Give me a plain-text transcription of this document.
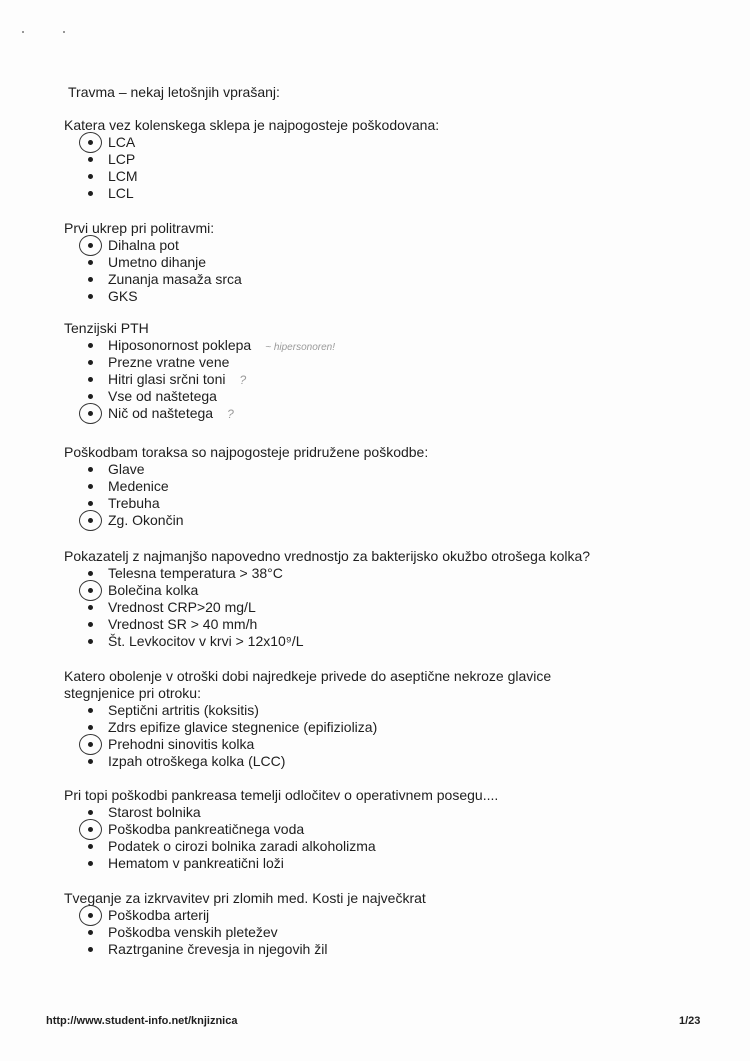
Travma – nekaj letošnjih vprašanj:
Katera vez kolenskega sklepa je najpogosteje poškodovana:
LCA
LCP
LCM
LCL
Prvi ukrep pri politravmi:
Dihalna pot
Umetno dihanje
Zunanja masaža srca
GKS
Tenzijski PTH
Hiposonornost poklepa ~ hipersonoren!
Prezne vratne vene
Hitri glasi srčni toni ?
Vse od naštetega
Nič od naštetega ?
Poškodbam toraksa so najpogosteje pridružene poškodbe:
Glave
Medenice
Trebuha
Zg. Okončin
Pokazatelj z najmanjšo napovedno vrednostjo za bakterijsko okužbo otrošega kolka?
Telesna temperatura > 38°C
Bolečina kolka
Vrednost CRP>20 mg/L
Vrednost SR > 40 mm/h
Št. Levkocitov v krvi > 12x10⁹/L
Katero obolenje v otroški dobi najredkeje privede do aseptične nekroze glavice
stegnjenice pri otroku:
Septični artritis (koksitis)
Zdrs epifize glavice stegnenice (epifizioliza)
Prehodni sinovitis kolka
Izpah otroškega kolka (LCC)
Pri topi poškodbi pankreasa temelji odločitev o operativnem posegu....
Starost bolnika
Poškodba pankreatičnega voda
Podatek o cirozi bolnika zaradi alkoholizma
Hematom v pankreatični loži
Tveganje za izkrvavitev pri zlomih med. Kosti je največkrat
Poškodba arterij
Poškodba venskih pletežev
Raztrganine črevesja in njegovih žil
http://www.student-info.net/knjiznica	1/23
